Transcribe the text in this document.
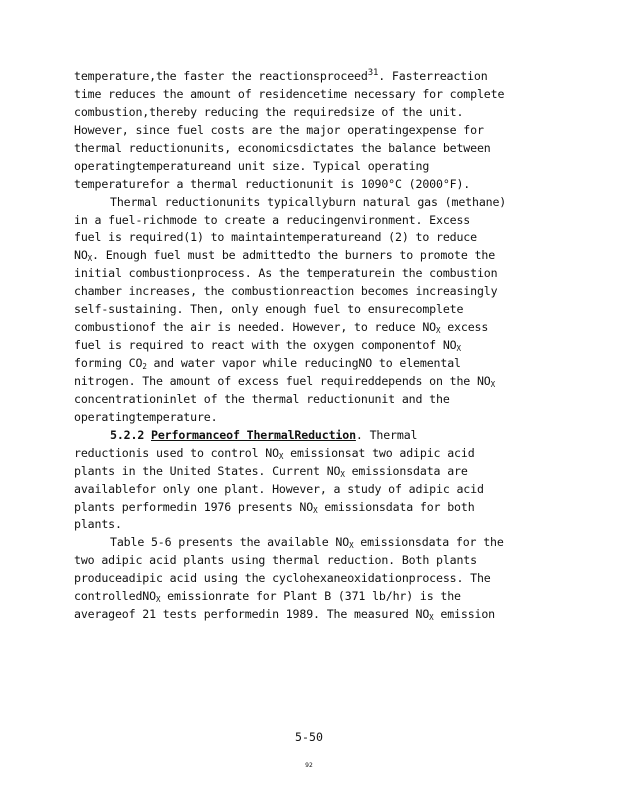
temperature,the faster the reactionsproceed$^{31}$. Fasterreaction
time reduces the amount of residencetime necessary for complete
combustion,thereby reducing the requiredsize of the unit.
However, since fuel costs are the major operatingexpense for
thermal reductionunits, economicsdictates the balance between
operatingtemperatureand unit size. Typical operating
temperaturefor a thermal reductionunit is 1090°C (2000°F).
Thermal reductionunits typicallyburn natural gas (methane)
in a fuel-richmode to create a reducingenvironment. Excess
fuel is required(1) to maintaintemperatureand (2) to reduce
$NO_X$. Enough fuel must be admittedto the burners to promote the
initial combustionprocess. As the temperaturein the combustion
chamber increases, the combustionreaction becomes increasingly
self-sustaining. Then, only enough fuel to ensurecomplete
combustionof the air is needed. However, to reduce $NO_X$ excess
fuel is required to react with the oxygen componentof $NO_X$
forming $CO_2$ and water vapor while reducingNO to elemental
nitrogen. The amount of excess fuel requireddepends on the $NO_X$
concentrationinlet of the thermal reductionunit and the
operatingtemperature.
5.2.2 Performanceof ThermalReduction. Thermal
reductionis used to control $NO_X$ emissionsat two adipic acid
plants in the United States. Current $NO_X$ emissionsdata are
availablefor only one plant. However, a study of adipic acid
plants performedin 1976 presents $NO_X$ emissionsdata for both
plants.
Table 5-6 presents the available $NO_X$ emissionsdata for the
two adipic acid plants using thermal reduction. Both plants
produceadipic acid using the cyclohexaneoxidationprocess. The
controlledNO$_X$ emissionrate for Plant B (371 lb/hr) is the
averageof 21 tests performedin 1989. The measured $NO_X$ emission
5-50
92
